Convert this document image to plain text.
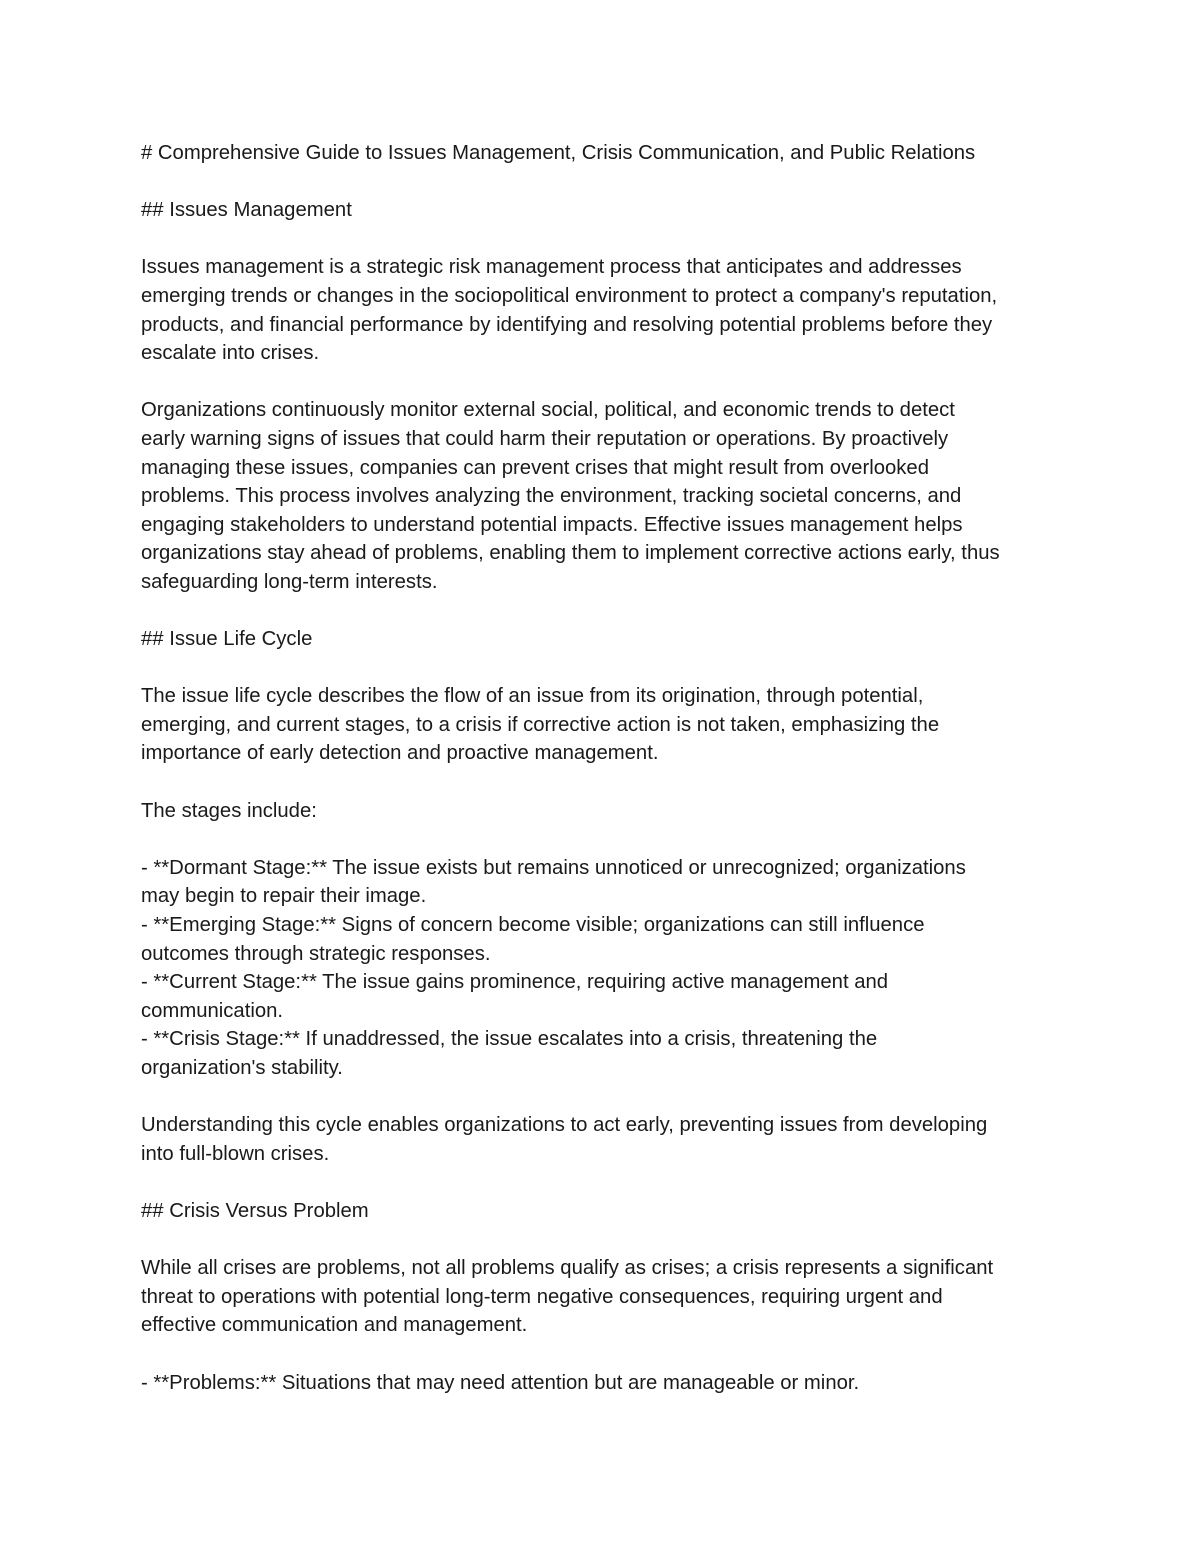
# Comprehensive Guide to Issues Management, Crisis Communication, and Public Relations
## Issues Management
Issues management is a strategic risk management process that anticipates and addresses
emerging trends or changes in the sociopolitical environment to protect a company's reputation,
products, and financial performance by identifying and resolving potential problems before they
escalate into crises.
Organizations continuously monitor external social, political, and economic trends to detect
early warning signs of issues that could harm their reputation or operations. By proactively
managing these issues, companies can prevent crises that might result from overlooked
problems. This process involves analyzing the environment, tracking societal concerns, and
engaging stakeholders to understand potential impacts. Effective issues management helps
organizations stay ahead of problems, enabling them to implement corrective actions early, thus
safeguarding long-term interests.
## Issue Life Cycle
The issue life cycle describes the flow of an issue from its origination, through potential,
emerging, and current stages, to a crisis if corrective action is not taken, emphasizing the
importance of early detection and proactive management.
The stages include:
- **Dormant Stage:** The issue exists but remains unnoticed or unrecognized; organizations
may begin to repair their image.
- **Emerging Stage:** Signs of concern become visible; organizations can still influence
outcomes through strategic responses.
- **Current Stage:** The issue gains prominence, requiring active management and
communication.
- **Crisis Stage:** If unaddressed, the issue escalates into a crisis, threatening the
organization's stability.
Understanding this cycle enables organizations to act early, preventing issues from developing
into full-blown crises.
## Crisis Versus Problem
While all crises are problems, not all problems qualify as crises; a crisis represents a significant
threat to operations with potential long-term negative consequences, requiring urgent and
effective communication and management.
- **Problems:** Situations that may need attention but are manageable or minor.
